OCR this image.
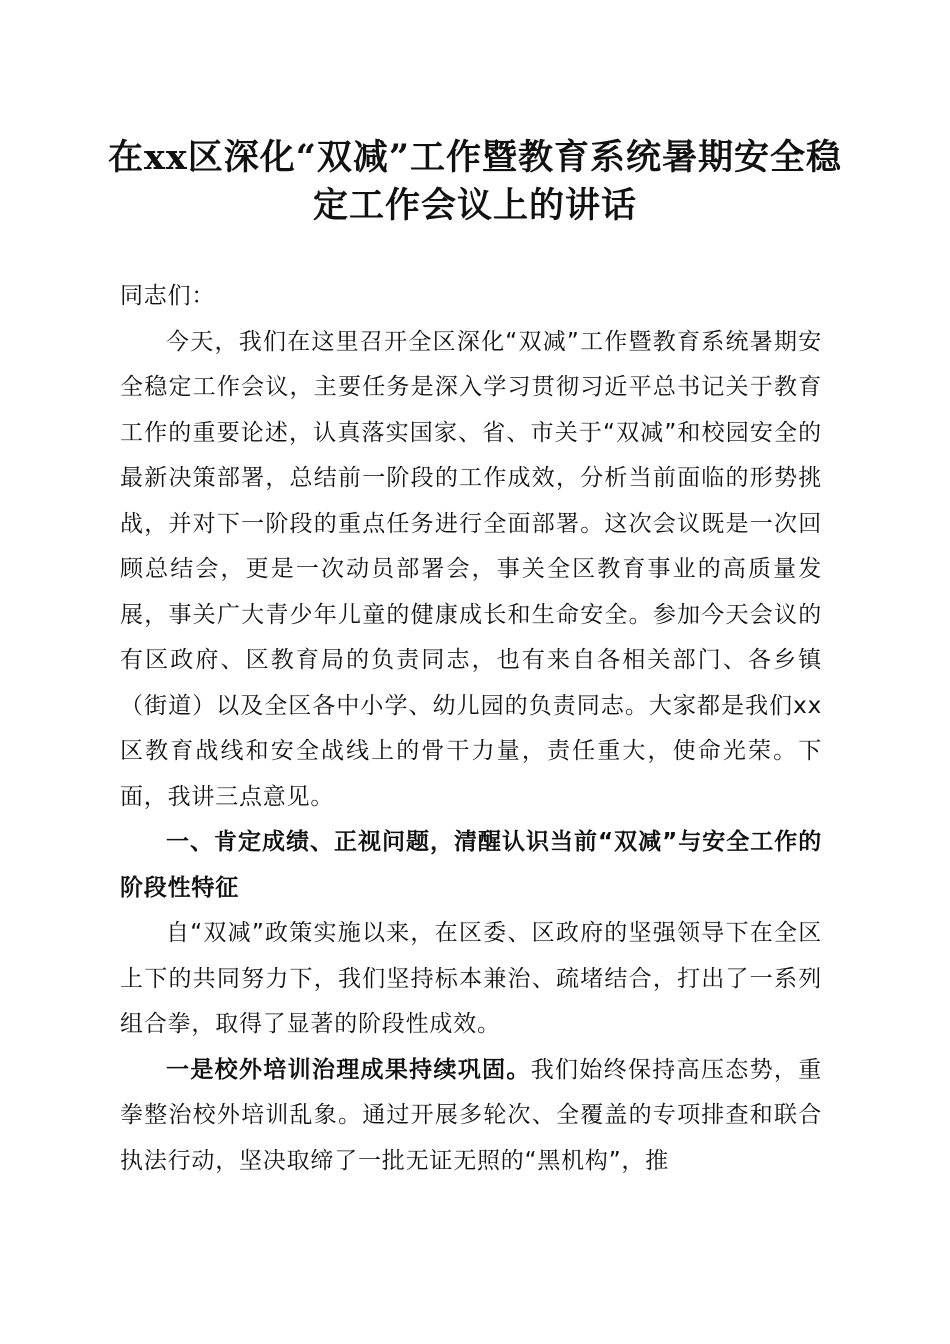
在xx区深化“双减”工作暨教育系统暑期安全稳定工作会议上的讲话

同志们：

今天，我们在这里召开全区深化“双减”工作暨教育系统暑期安全稳定工作会议，主要任务是深入学习贯彻习近平总书记关于教育工作的重要论述，认真落实国家、省、市关于“双减”和校园安全的最新决策部署，总结前一阶段的工作成效，分析当前面临的形势挑战，并对下一阶段的重点任务进行全面部署。这次会议既是一次回顾总结会，更是一次动员部署会，事关全区教育事业的高质量发展，事关广大青少年儿童的健康成长和生命安全。参加今天会议的有区政府、区教育局的负责同志，也有来自各相关部门、各乡镇（街道）以及全区各中小学、幼儿园的负责同志。大家都是我们xx区教育战线和安全战线上的骨干力量，责任重大，使命光荣。下面，我讲三点意见。

一、肯定成绩、正视问题，清醒认识当前“双减”与安全工作的阶段性特征

自“双减”政策实施以来，在区委、区政府的坚强领导下在全区上下的共同努力下，我们坚持标本兼治、疏堵结合，打出了一系列组合拳，取得了显著的阶段性成效。

一是校外培训治理成果持续巩固。我们始终保持高压态势，重拳整治校外培训乱象。通过开展多轮次、全覆盖的专项排查和联合执法行动，坚决取缔了一批无证无照的“黑机构”，推
